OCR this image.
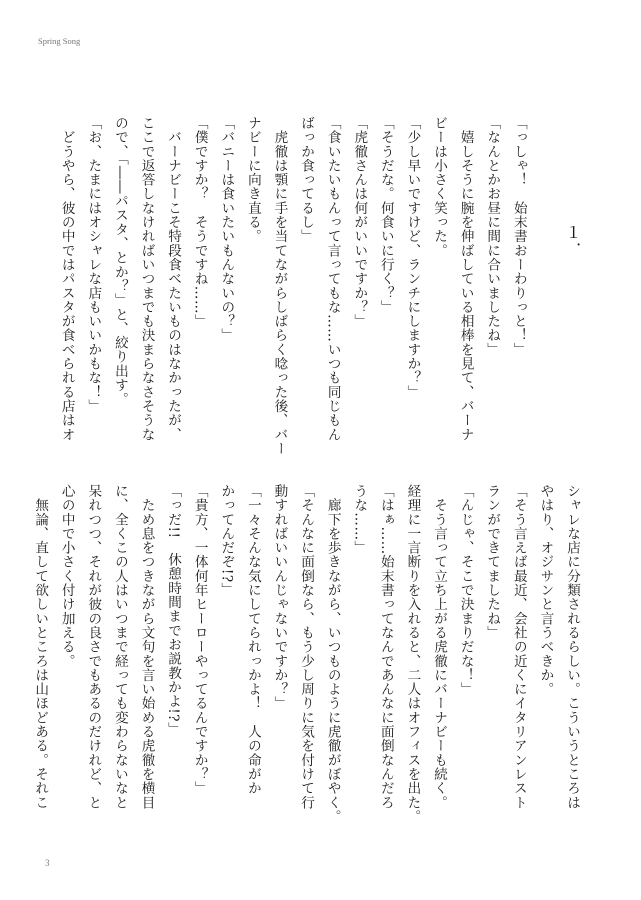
Spring Song
　　　　　　１．

「っしゃ！　始末書おーわりっと！」
「なんとかお昼に間に合いましたね」
　嬉しそうに腕を伸ばしている相棒を見て、バーナ
ビーは小さく笑った。
「少し早いですけど、ランチにしますか？」
「そうだな。何食いに行く？」
「虎徹さんは何がいいですか？」
「食いたいもんって言ってもな……いつも同じもん
ばっか食ってるし」
　虎徹は顎に手を当てながらしばらく唸った後、バー
ナビーに向き直る。
「バニーは食いたいもんないの？」
「僕ですか？　そうですね……」
　バーナビーこそ特段食べたいものはなかったが、
ここで返答しなければいつまでも決まらなさそうな
ので、「――パスタ、とか？」と、絞り出す。
「お、たまにはオシャレな店もいいかもな！」
　どうやら、彼の中ではパスタが食べられる店はオ
シャレな店に分類されるらしい。こういうところは
やはり、オジサンと言うべきか。
「そう言えば最近、会社の近くにイタリアンレスト
ランができてましたね」
「んじゃ、そこで決まりだな！」
　そう言って立ち上がる虎徹にバーナビーも続く。
経理に一言断りを入れると、二人はオフィスを出た。
「はぁ……始末書ってなんであんなに面倒なんだろ
うな……」
　廊下を歩きながら、いつものように虎徹がぼやく。
「そんなに面倒なら、もう少し周りに気を付けて行
動すればいいんじゃないですか？」
「一々そんな気にしてられっかよ！　人の命がか
かってんだぞ!?」
「貴方、一体何年ヒーローやってるんですか？」
「っだ!!　休憩時間までお説教かよ!?」
　ため息をつきながら文句を言い始める虎徹を横目
に、全くこの人はいつまで経っても変わらないなと
呆れつつ、それが彼の良さでもあるのだけれど、と
心の中で小さく付け加える。
　無論、直して欲しいところは山ほどある。それこ
3
